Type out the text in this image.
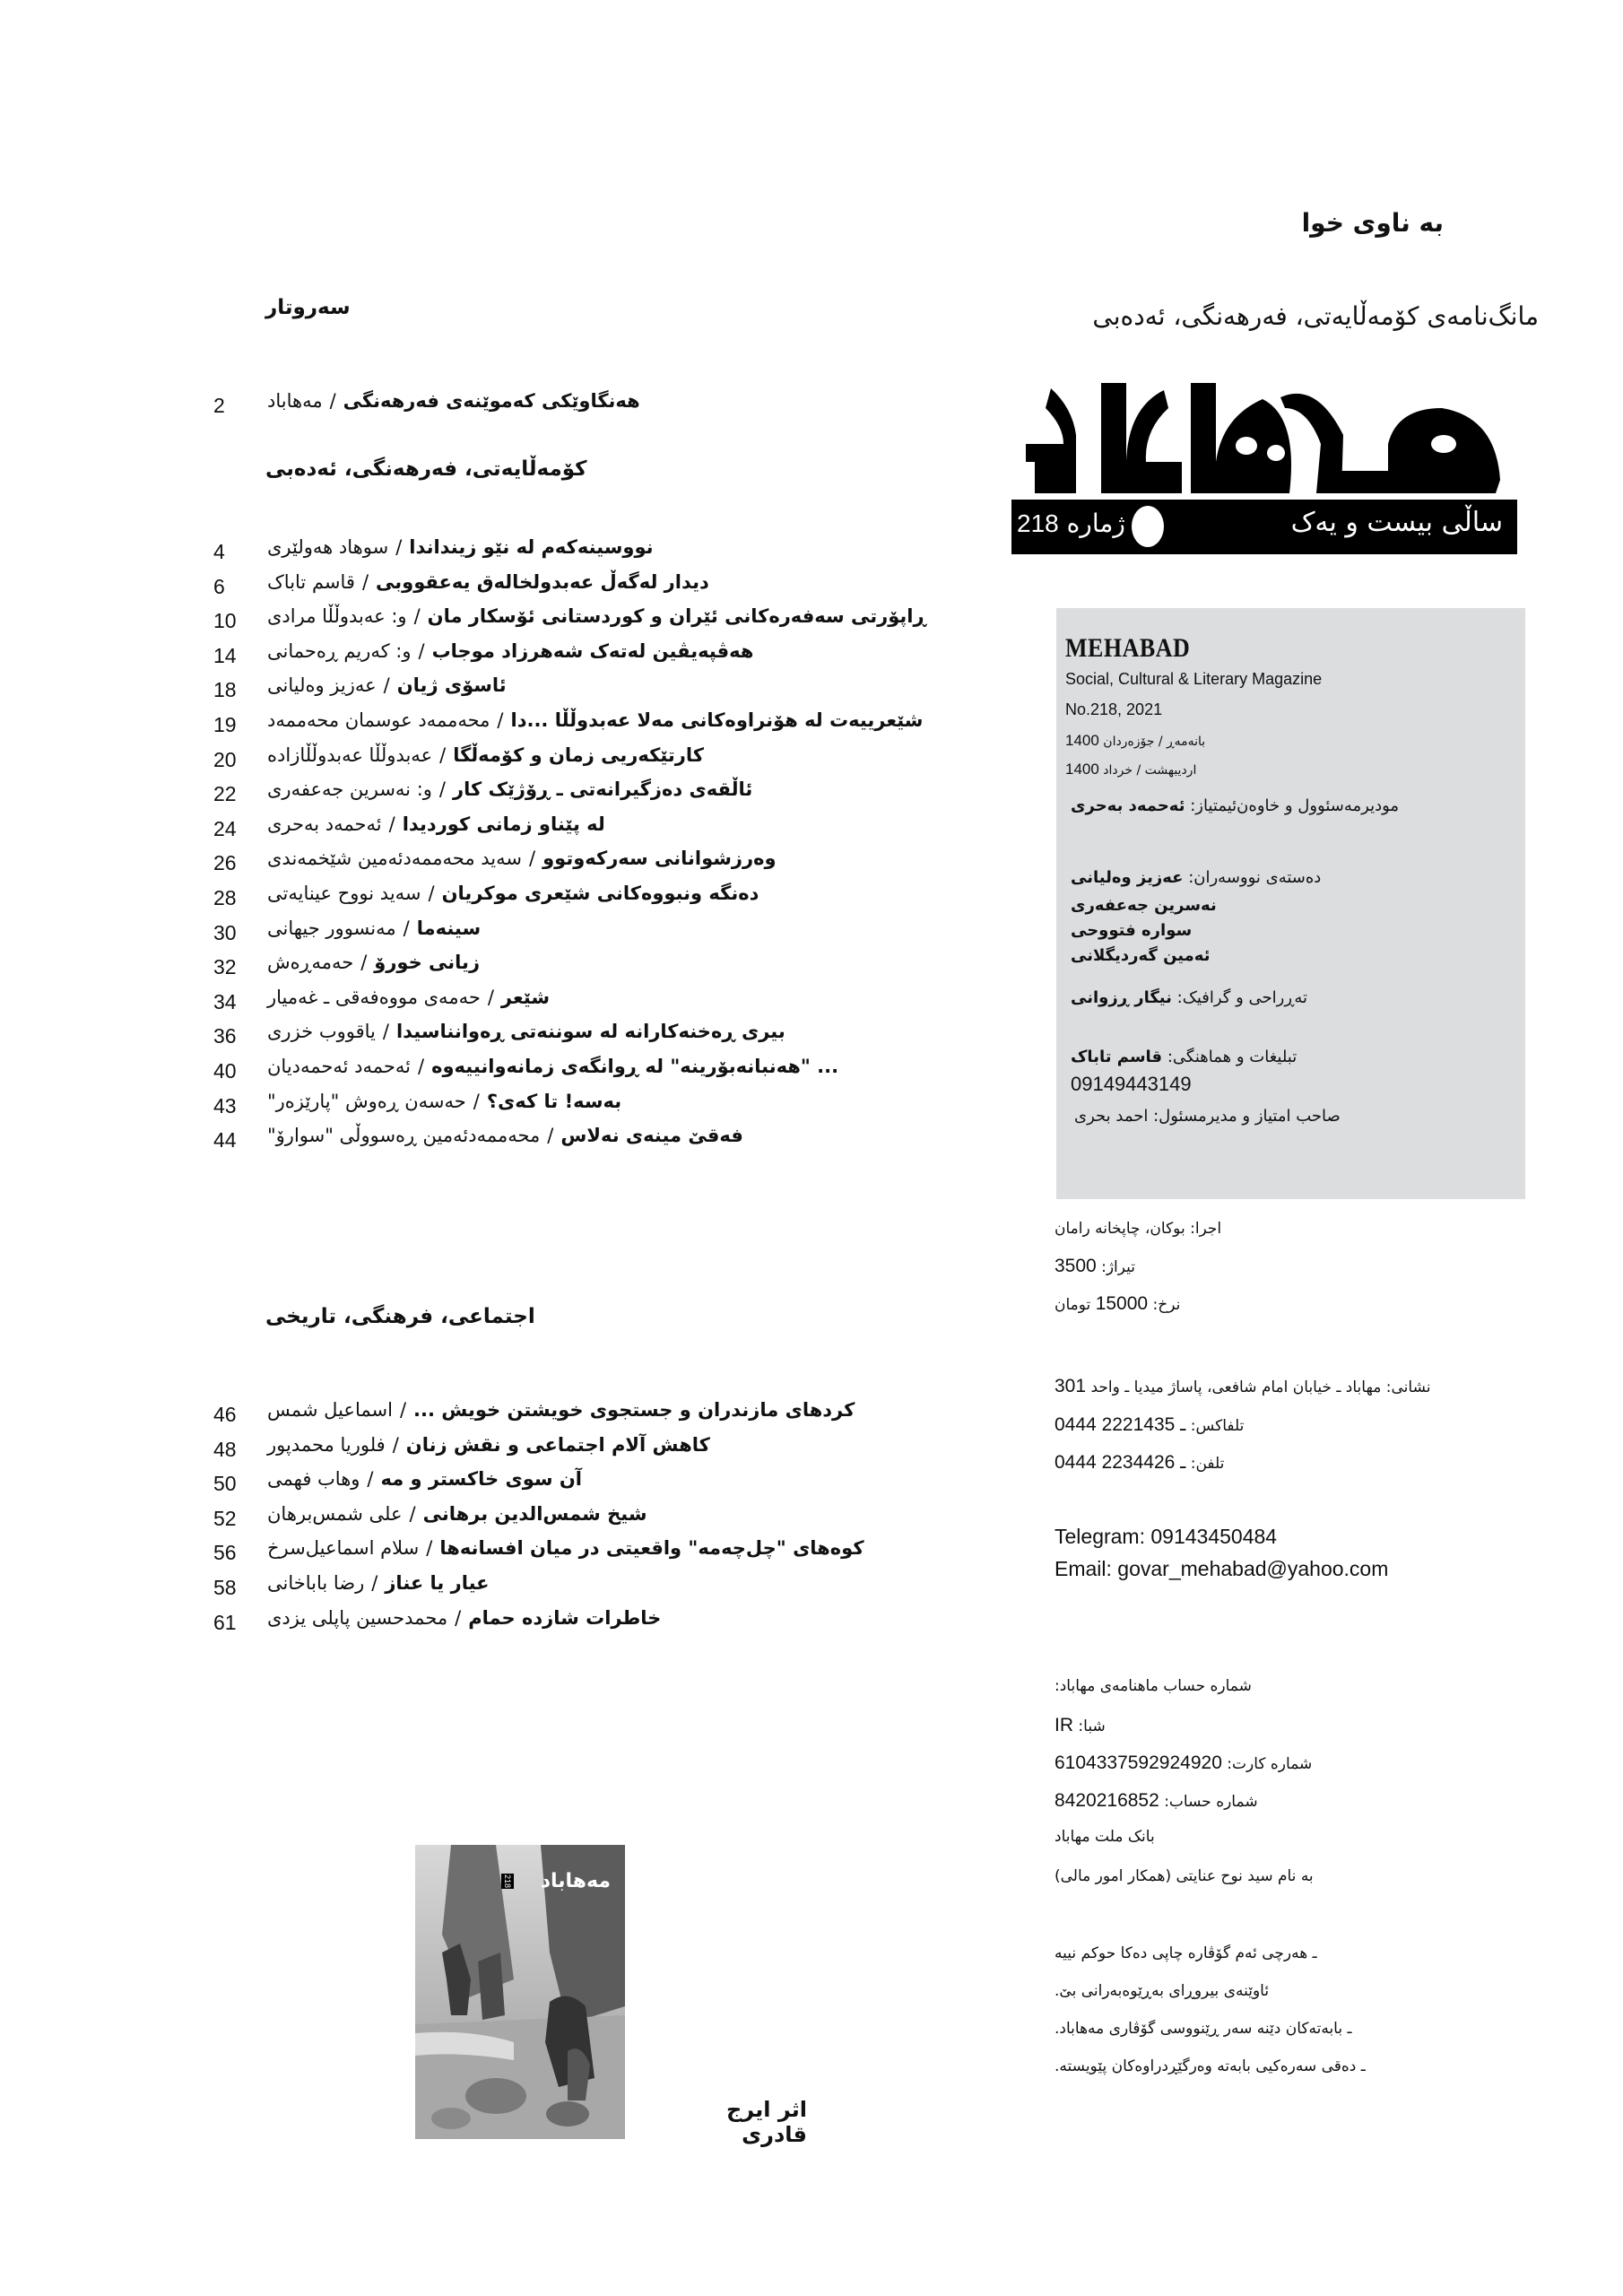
به ناوی خوا
مانگ‌نامەی کۆمەڵایەتی، فەرهەنگی، ئەدەبی
ساڵی بیست و یەک
ژمارە 218
MEHABAD
Social, Cultural & Literary Magazine
No.218, 2021
1400 بانەمەڕ / جۆزەردان
1400 اردیبهشت / خرداد
مودیرمەسئوول و خاوەن‌ئیمتیاز: ئەحمەد بەحری
دەستەی نووسەران: عەزیز وەلیانی
نەسرین جەعفەری
سوارە فتووحی
ئەمین گەردیگلانی
تەڕراحی و گرافیک: نیگار ڕزوانی
تبلیغات و هماهنگی: قاسم تاباک
09149443149
صاحب امتیاز و مدیرمسئول: احمد بحری
اجرا: بوکان، چاپخانه رامان
تیراژ: 3500
نرخ: 15000 تومان
نشانی: مهاباد ـ خیابان امام شافعی، پاساژ میدیا ـ واحد 301
تلفاکس: 0444 ـ 2221435
تلفن: 0444 ـ 2234426
Telegram: 09143450484
Email: govar_mehabad@yahoo.com
شمارە حساب ماهنامەی مهاباد:
شبا: IR
شمارە کارت: 6104337592924920
شمارە حساب: 8420216852
بانک ملت مهاباد
به نام سید نوح عنایتی (همکار امور مالی)
ـ هەرچی ئەم گۆڤارە چاپی دەکا حوکم نییە
ئاوێنەی بیروڕای بەڕێوەبەرانی بێ.
ـ بابەتەکان دێنە سەر ڕێنووسی گۆڤاری مەهاباد.
ـ دەقی سەرەکیی بابەتە وەرگێڕدراوەکان پێویستە.
سەروتار
2	هەنگاوێکی کەموێنەی فەرهەنگی/مەهاباد
کۆمەڵایەتی، فەرهەنگی، ئەدەبی
4	نووسینەکەم لە نێو زینداندا/سوهاد هەولێری
6	دیدار لەگەڵ عەبدولخالەق یەعقووبی/قاسم تاباک
10	ڕاپۆرتی سەفەرەکانی ئێران و کوردستانی ئۆسکار مان/و: عەبدوڵڵا مرادی
14	هەڤپەیڤین لەتەک شەهرزاد موجاب/و: کەریم ڕەحمانی
18	ئاسۆی ژیان/عەزیز وەلیانی
19	شێعرییەت لە هۆنراوەکانی مەلا عەبدوڵڵا ...دا/محەممەد عوسمان محەممەد
20	کارتێکەریی زمان و کۆمەڵگا/عەبدوڵڵا عەبدوڵڵازادە
22	ئاڵقەی دەزگیرانەتی ـ ڕۆژێک کار/و: نەسرین جەعفەری
24	لە پێناو زمانی کوردیدا/ئەحمەد بەحری
26	وەرزشوانانی سەرکەوتوو/سەید محەممەدئەمین شێخمەندی
28	دەنگە ونبووەکانی شێعری موکریان/سەید نووح عینایەتی
30	سینەما/مەنسوور جیهانی
32	زیانی خورۆ/حەمەڕەش
34	شێعر/حەمەی مووەفەقی ـ غەمیار
36	بیری ڕەخنەکارانە لە سوننەتی ڕەوانناسیدا/یاقووب خزری
40	... "هەنبانەبۆرینە" لە ڕوانگەی زمانەوانییەوە/ئەحمەد ئەحمەدیان
43	بەسە! تا کەی؟/حەسەن ڕەوش "پارێزەر"
44	فەقێ مینەی نەلاس/محەممەدئەمین ڕەسووڵی "سوارۆ"
اجتماعی، فرهنگی، تاریخی
46	کردهای مازندران و جستجوی خویشتن خویش .../اسماعیل شمس
48	کاهش آلام اجتماعی و نقش زنان/فلوریا محمدپور
50	آن سوی خاکستر و مه/وهاب فهمی
52	شیخ شمس‌الدین برهانی/علی شمس‌برهان
56	کوه‌های "چل‌چەمه" واقعیتی در میان افسانه‌ها/سلام اسماعیل‌سرخ
58	عیار یا عناز/رضا باباخانی
61	خاطرات شازده حمام/محمدحسین پاپلی یزدی
مەهاباد
218
اثر ایرج قادری
